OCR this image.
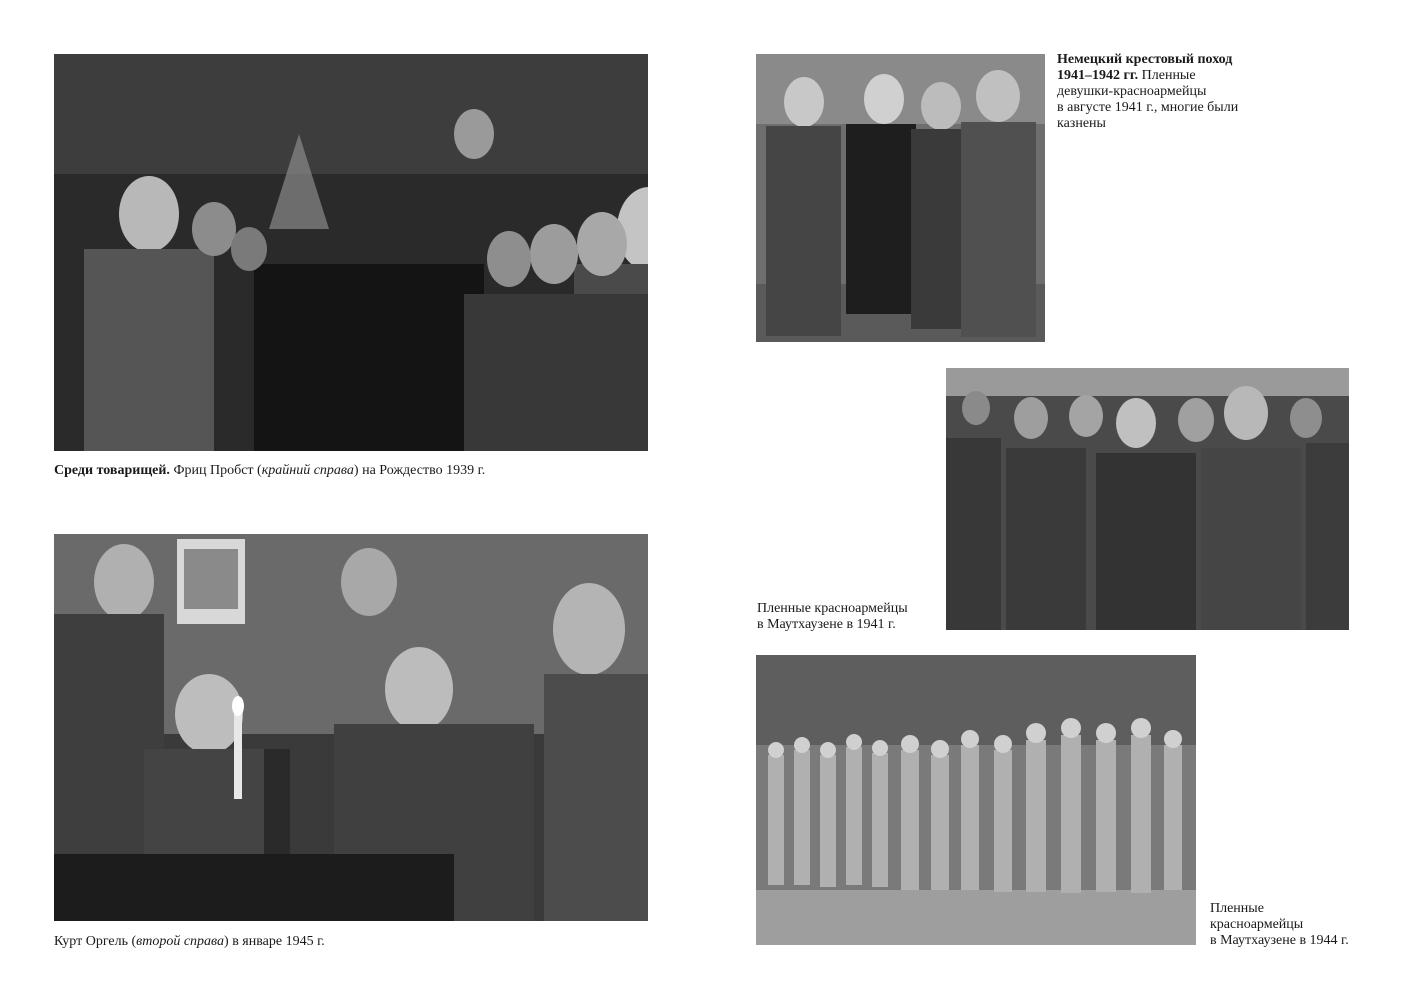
Среди товарищей. Фриц Пробст (крайний справа) на Рождество 1939 г.

Курт Оргель (второй справа) в январе 1945 г.

Немецкий крестовый поход
1941–1942 гг. Пленные
девушки-красноармейцы
в августе 1941 г., многие были
казнены

Пленные красноармейцы
в Маутхаузене в 1941 г.

Пленные
красноармейцы
в Маутхаузене в 1944 г.
